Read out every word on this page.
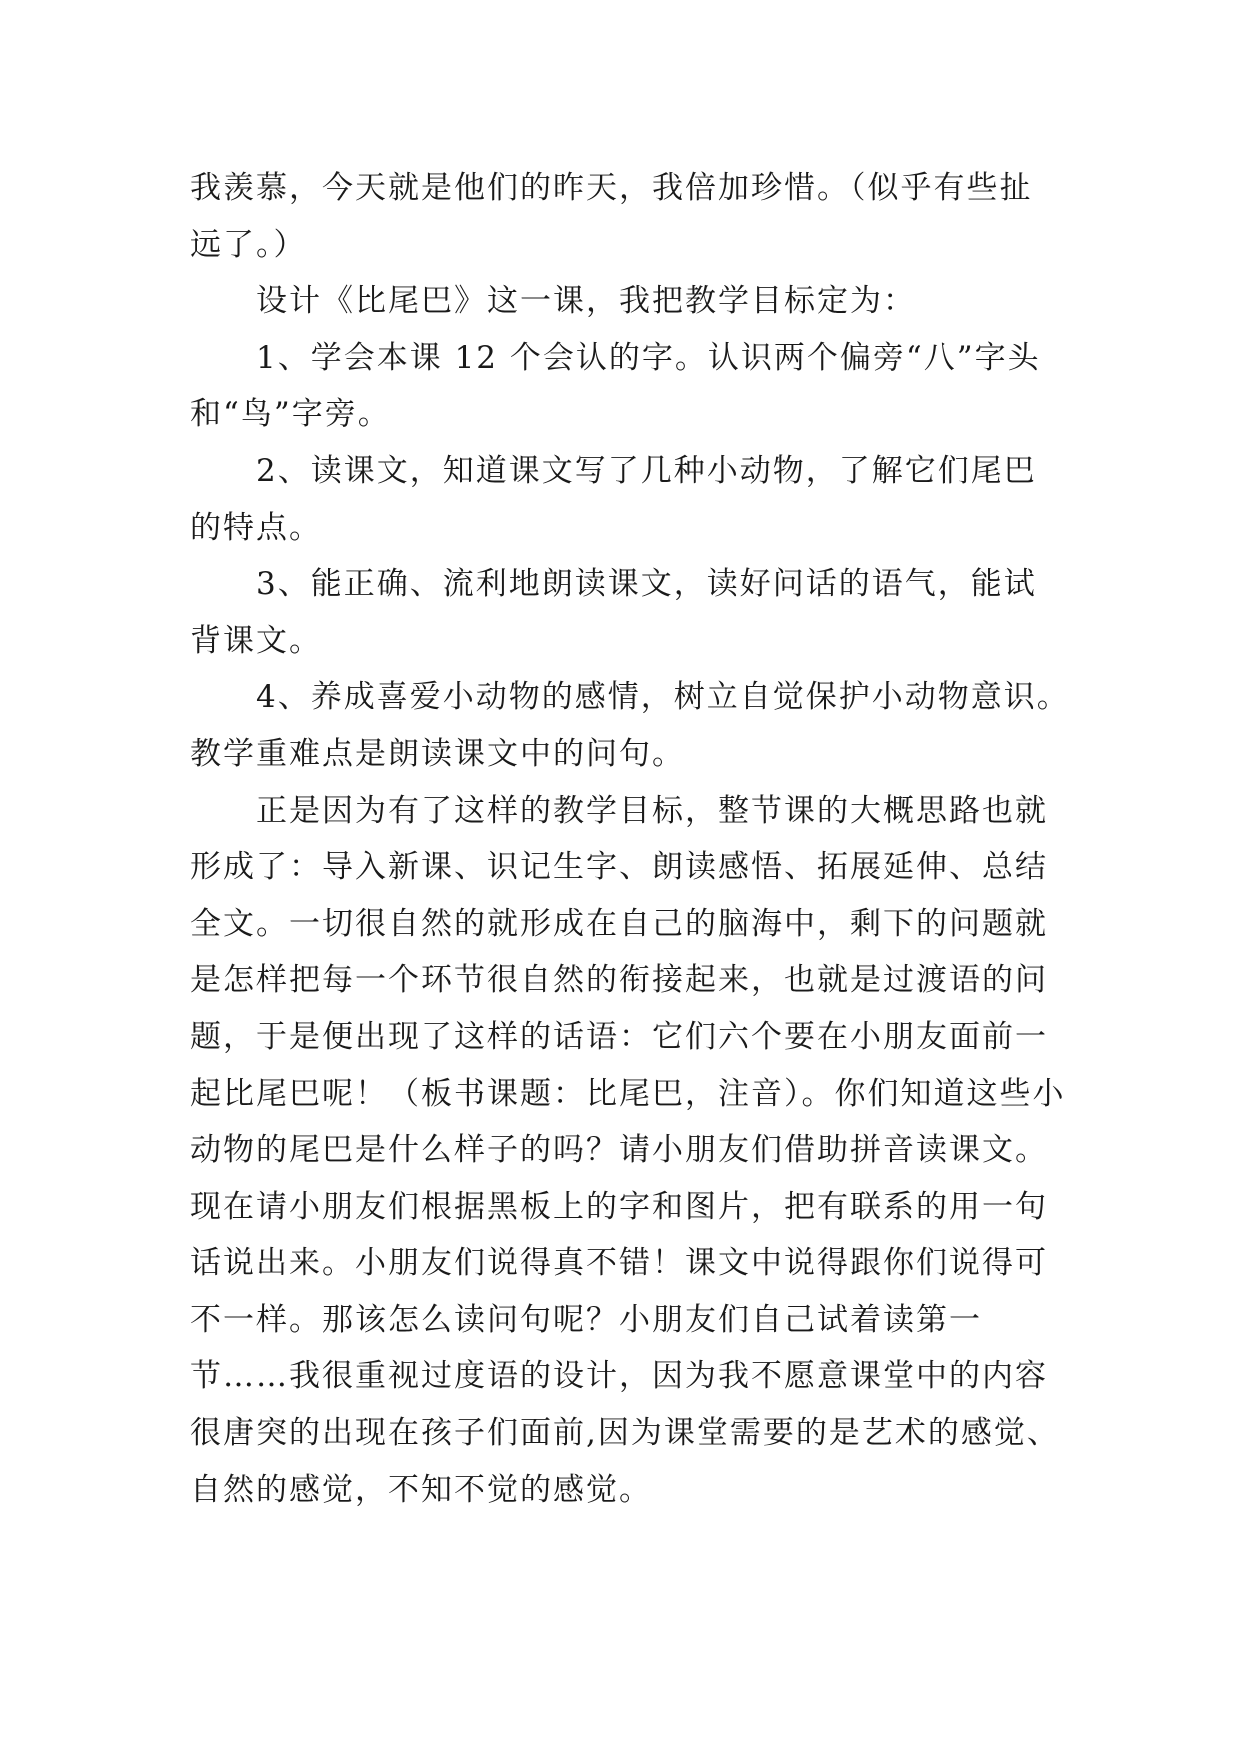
我羡慕，今天就是他们的昨天，我倍加珍惜。（似乎有些扯
远了。）
设计《比尾巴》这一课，我把教学目标定为：
1、学会本课 12 个会认的字。认识两个偏旁“八”字头
和“鸟”字旁。
2、读课文，知道课文写了几种小动物，了解它们尾巴
的特点。
3、能正确、流利地朗读课文，读好问话的语气，能试
背课文。
4、养成喜爱小动物的感情，树立自觉保护小动物意识。
教学重难点是朗读课文中的问句。
正是因为有了这样的教学目标，整节课的大概思路也就
形成了：导入新课、识记生字、朗读感悟、拓展延伸、总结
全文。一切很自然的就形成在自己的脑海中，剩下的问题就
是怎样把每一个环节很自然的衔接起来，也就是过渡语的问
题，于是便出现了这样的话语：它们六个要在小朋友面前一
起比尾巴呢！（板书课题：比尾巴，注音）。你们知道这些小
动物的尾巴是什么样子的吗？请小朋友们借助拼音读课文。
现在请小朋友们根据黑板上的字和图片，把有联系的用一句
话说出来。小朋友们说得真不错！课文中说得跟你们说得可
不一样。那该怎么读问句呢？小朋友们自己试着读第一
节……我很重视过度语的设计，因为我不愿意课堂中的内容
很唐突的出现在孩子们面前,因为课堂需要的是艺术的感觉、
自然的感觉，不知不觉的感觉。
